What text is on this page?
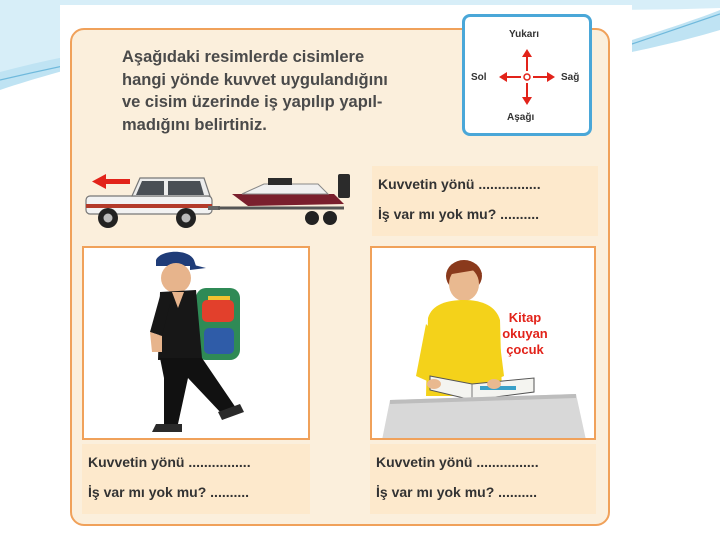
Aşağıdaki resimlerde cisimlere
hangi yönde kuvvet uygulandığını
ve cisim üzerinde iş yapılıp yapıl-
madığını belirtiniz.
Yukarı
Sol	Sağ
Aşağı
Kuvvetin yönü ................
İş var mı yok mu? ..........
Kitap
okuyan
çocuk
Kuvvetin yönü ................
İş var mı yok mu? ..........
Kuvvetin yönü ................
İş var mı yok mu? ..........
